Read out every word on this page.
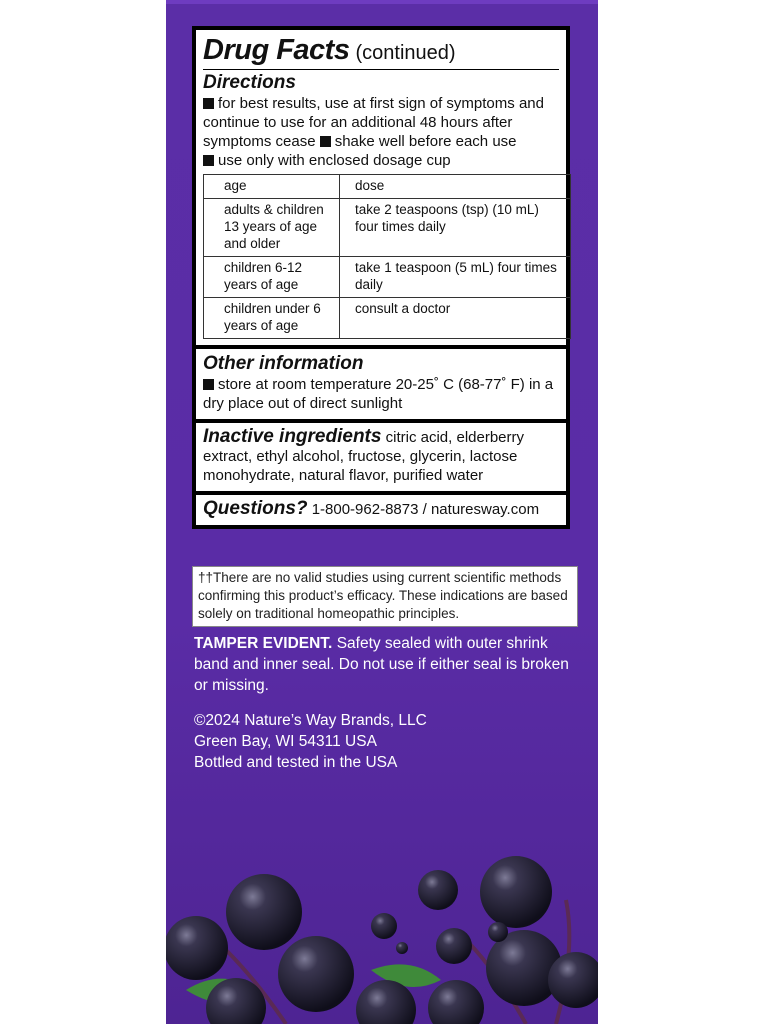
Drug Facts (continued)
Directions
for best results, use at first sign of symptoms and continue to use for an additional 48 hours after symptoms cease shake well before each use
use only with enclosed dosage cup
age	dose
adults & children 13 years of age and older	take 2 teaspoons (tsp) (10 mL) four times daily
children 6-12 years of age	take 1 teaspoon (5 mL) four times daily
children under 6 years of age	consult a doctor
Other information
store at room temperature 20-25˚ C (68-77˚ F) in a dry place out of direct sunlight
Inactive ingredients citric acid, elderberry extract, ethyl alcohol, fructose, glycerin, lactose monohydrate, natural flavor, purified water
Questions? 1-800-962-8873 / naturesway.com
††There are no valid studies using current scientific methods confirming this product’s efficacy. These indications are based solely on traditional homeopathic principles.
TAMPER EVIDENT. Safety sealed with outer shrink band and inner seal. Do not use if either seal is broken or missing.
©2024 Nature’s Way Brands, LLC
Green Bay, WI 54311 USA
Bottled and tested in the USA
